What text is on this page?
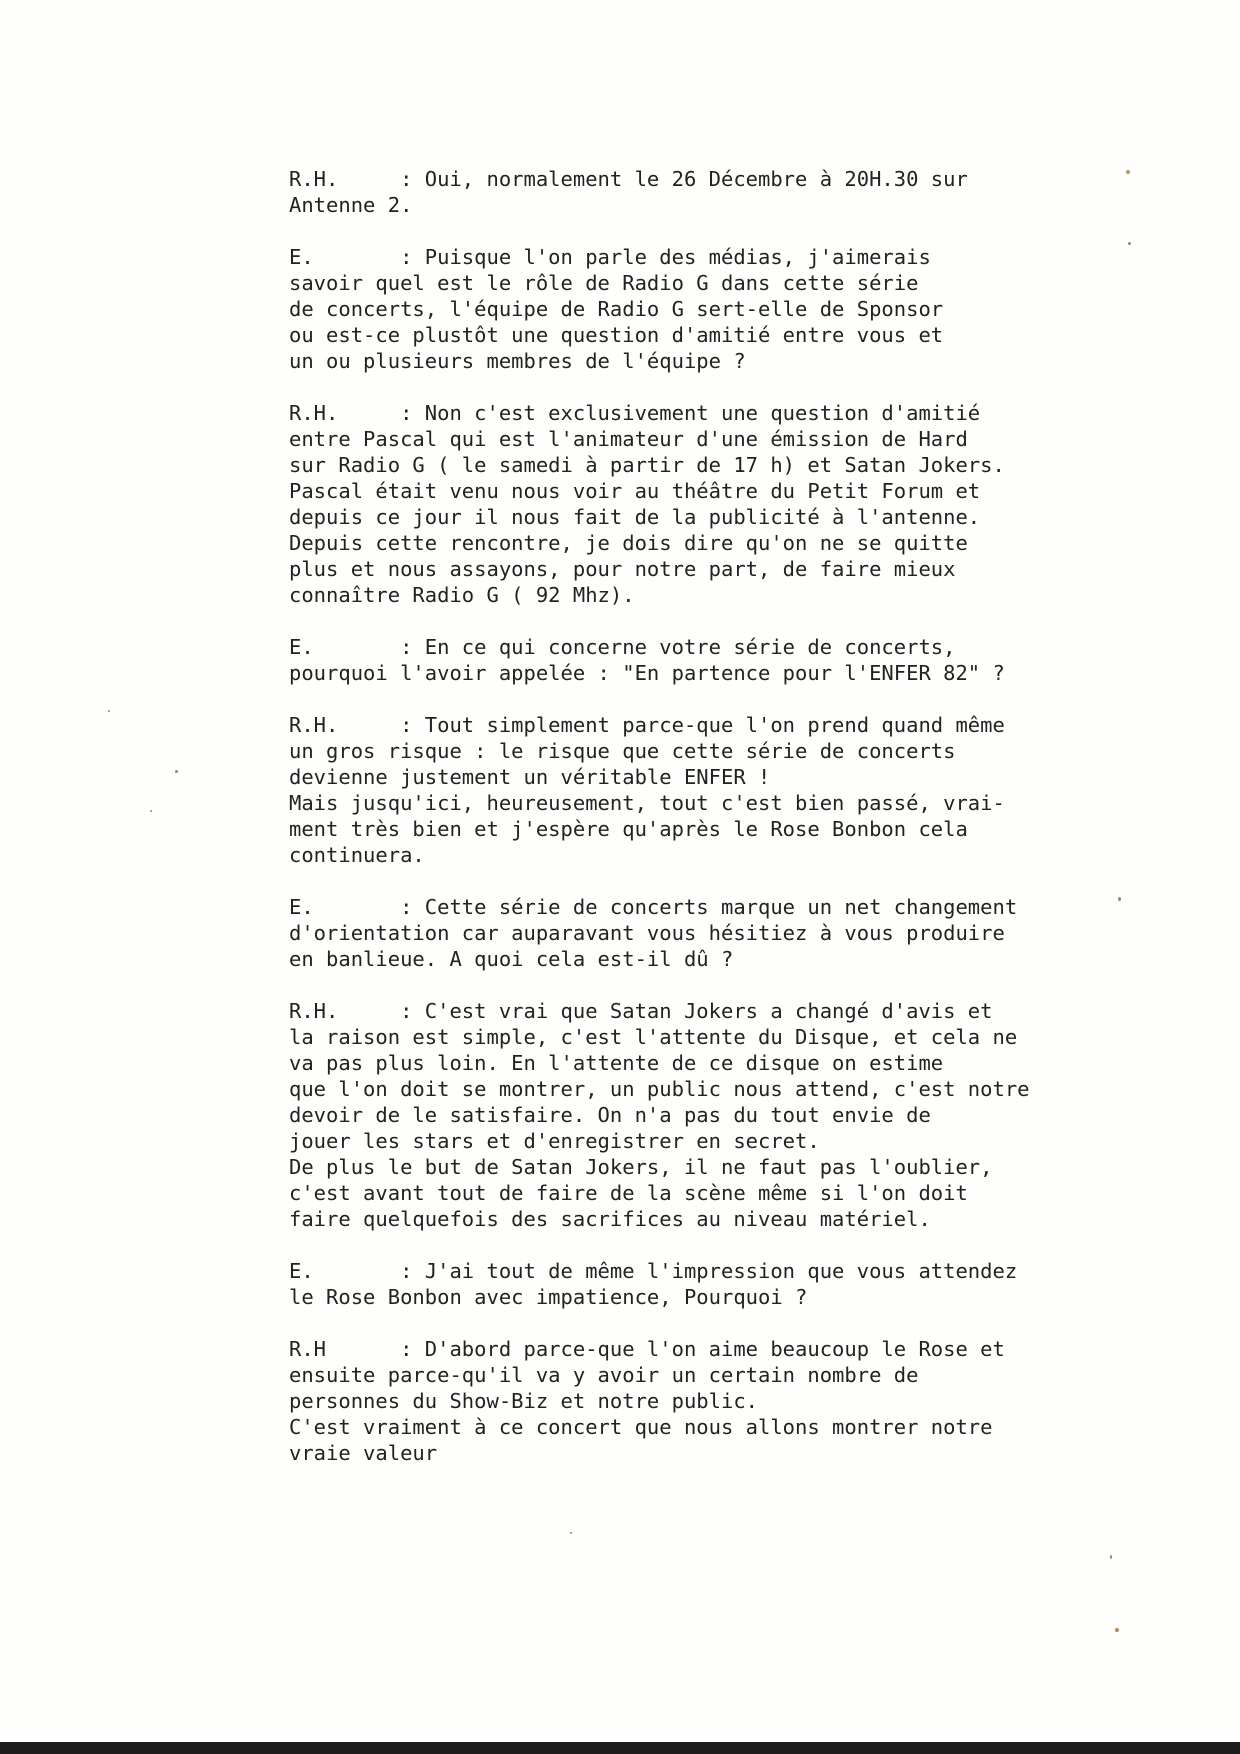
R.H.     : Oui, normalement le 26 Décembre à 20H.30 sur
Antenne 2.
E.       : Puisque l'on parle des médias, j'aimerais
savoir quel est le rôle de Radio G dans cette série
de concerts, l'équipe de Radio G sert-elle de Sponsor
ou est-ce plustôt une question d'amitié entre vous et
un ou plusieurs membres de l'équipe ?
R.H.     : Non c'est exclusivement une question d'amitié
entre Pascal qui est l'animateur d'une émission de Hard
sur Radio G ( le samedi à partir de 17 h) et Satan Jokers.
Pascal était venu nous voir au théâtre du Petit Forum et
depuis ce jour il nous fait de la publicité à l'antenne.
Depuis cette rencontre, je dois dire qu'on ne se quitte
plus et nous assayons, pour notre part, de faire mieux
connaître Radio G ( 92 Mhz).
E.       : En ce qui concerne votre série de concerts,
pourquoi l'avoir appelée : "En partence pour l'ENFER 82" ?
R.H.     : Tout simplement parce-que l'on prend quand même
un gros risque : le risque que cette série de concerts
devienne justement un véritable ENFER !
Mais jusqu'ici, heureusement, tout c'est bien passé, vrai-
ment très bien et j'espère qu'après le Rose Bonbon cela
continuera.
E.       : Cette série de concerts marque un net changement
d'orientation car auparavant vous hésitiez à vous produire
en banlieue. A quoi cela est-il dû ?
R.H.     : C'est vrai que Satan Jokers a changé d'avis et
la raison est simple, c'est l'attente du Disque, et cela ne
va pas plus loin. En l'attente de ce disque on estime
que l'on doit se montrer, un public nous attend, c'est notre
devoir de le satisfaire. On n'a pas du tout envie de
jouer les stars et d'enregistrer en secret.
De plus le but de Satan Jokers, il ne faut pas l'oublier,
c'est avant tout de faire de la scène même si l'on doit
faire quelquefois des sacrifices au niveau matériel.
E.       : J'ai tout de même l'impression que vous attendez
le Rose Bonbon avec impatience, Pourquoi ?
R.H      : D'abord parce-que l'on aime beaucoup le Rose et
ensuite parce-qu'il va y avoir un certain nombre de
personnes du Show-Biz et notre public.
C'est vraiment à ce concert que nous allons montrer notre
vraie valeur
